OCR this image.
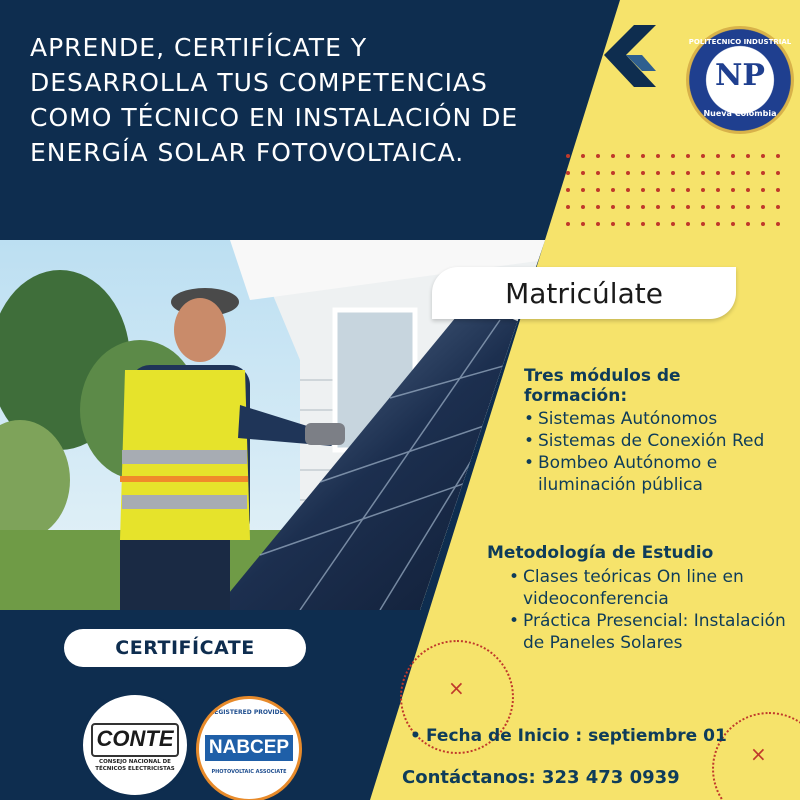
APRENDE, CERTIFÍCATE Y DESARROLLA TUS COMPETENCIAS COMO TÉCNICO EN INSTALACIÓN DE ENERGÍA SOLAR FOTOVOLTAICA.
POLITECNICO INDUSTRIAL
NP
Nueva Colombia
Matricúlate
Tres módulos de formación:
• Sistemas Autónomos
• Sistemas de Conexión Red
• Bombeo Autónomo e iluminación pública
Metodología de Estudio
• Clases teóricas On line en videoconferencia
• Práctica Presencial: Instalación de Paneles Solares
CERTIFÍCATE
CONTE
CONSEJO NACIONAL DE TÉCNICOS ELECTRICISTAS
REGISTERED PROVIDER
NABCEP
PHOTOVOLTAIC ASSOCIATE
×
×
• Fecha de Inicio : septiembre 01
Contáctanos: 323 473 0939
